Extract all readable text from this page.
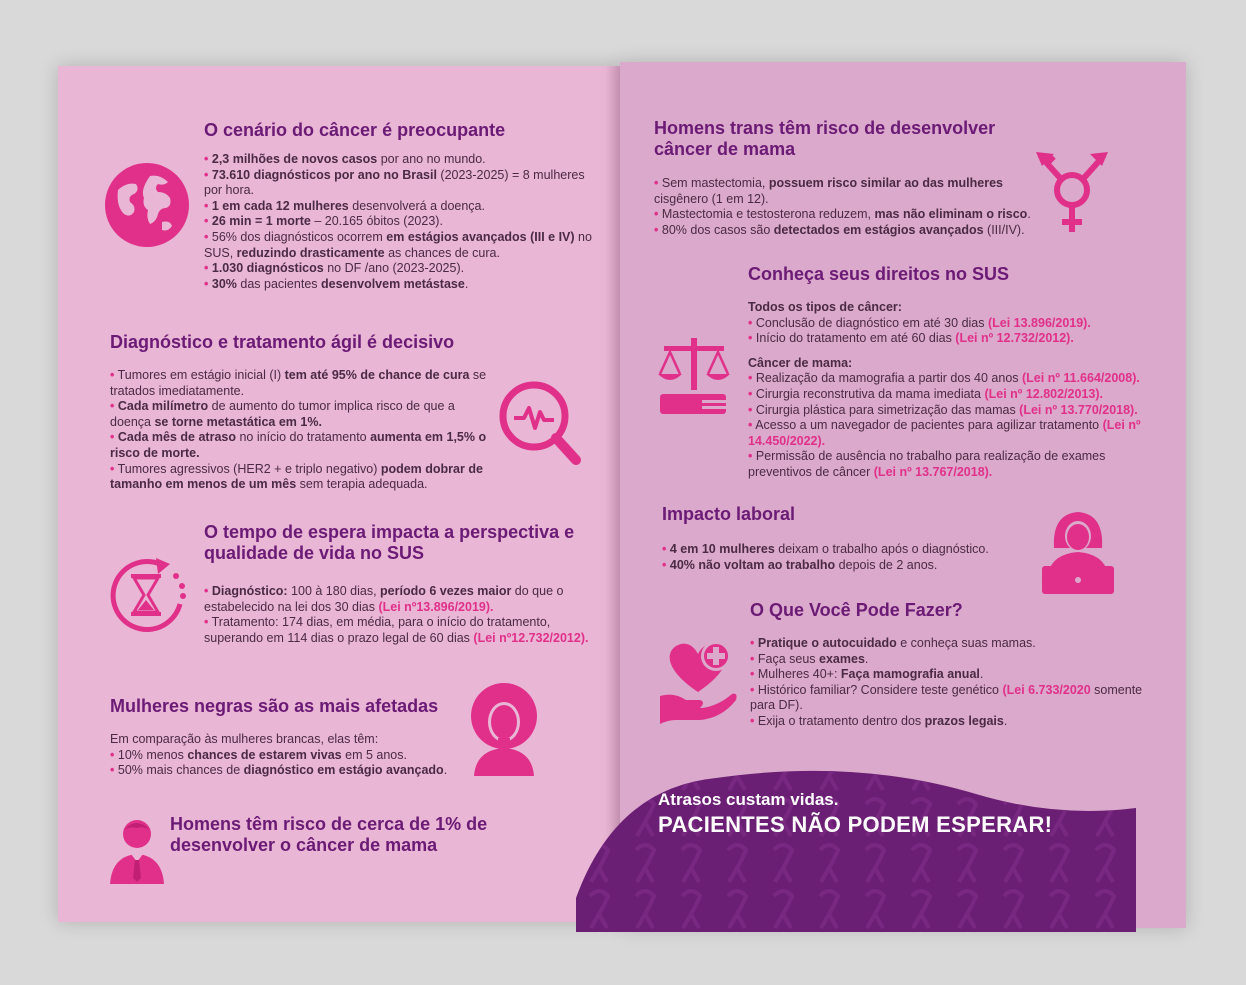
O cenário do câncer é preocupante

• 2,3 milhões de novos casos por ano no mundo.

• 73.610 diagnósticos por ano no Brasil (2023-2025) = 8 mulheres por hora.

• 1 em cada 12 mulheres desenvolverá a doença.

• 26 min = 1 morte – 20.165 óbitos (2023).

• 56% dos diagnósticos ocorrem em estágios avançados (III e IV) no SUS, reduzindo drasticamente as chances de cura.

• 1.030 diagnósticos no DF /ano (2023-2025).

• 30% das pacientes desenvolvem metástase.

Diagnóstico e tratamento ágil é decisivo

• Tumores em estágio inicial (I) tem até 95% de chance de cura se tratados imediatamente.

• Cada milímetro de aumento do tumor implica risco de que a doença se torne metastática em 1%.

• Cada mês de atraso no início do tratamento aumenta em 1,5% o risco de morte.

• Tumores agressivos (HER2 + e triplo negativo) podem dobrar de tamanho em menos de um mês sem terapia adequada.

O tempo de espera impacta a perspectiva e qualidade de vida no SUS

• Diagnóstico: 100 à 180 dias, período 6 vezes maior do que o estabelecido na lei dos 30 dias (Lei nº13.896/2019).

• Tratamento: 174 dias, em média, para o início do tratamento, superando em 114 dias o prazo legal de 60 dias (Lei nº12.732/2012).

Mulheres negras são as mais afetadas

Em comparação às mulheres brancas, elas têm:

• 10% menos chances de estarem vivas em 5 anos.

• 50% mais chances de diagnóstico em estágio avançado.

Homens têm risco de cerca de 1% de desenvolver o câncer de mama
Homens trans têm risco de desenvolver câncer de mama

• Sem mastectomia, possuem risco similar ao das mulheres cisgênero (1 em 12).

• Mastectomia e testosterona reduzem, mas não eliminam o risco.

• 80% dos casos são detectados em estágios avançados (III/IV).

Conheça seus direitos no SUS

Todos os tipos de câncer:

• Conclusão de diagnóstico em até 30 dias (Lei 13.896/2019).

• Início do tratamento em até 60 dias (Lei nº 12.732/2012).

Câncer de mama:

• Realização da mamografia a partir dos 40 anos (Lei nº 11.664/2008).

• Cirurgia reconstrutiva da mama imediata (Lei nº 12.802/2013).

• Cirurgia plástica para simetrização das mamas (Lei nº 13.770/2018).

• Acesso a um navegador de pacientes para agilizar tratamento (Lei nº 14.450/2022).

• Permissão de ausência no trabalho para realização de exames preventivos de câncer (Lei nº 13.767/2018).

Impacto laboral

• 4 em 10 mulheres deixam o trabalho após o diagnóstico.

• 40% não voltam ao trabalho depois de 2 anos.

O Que Você Pode Fazer?

• Pratique o autocuidado e conheça suas mamas.

• Faça seus exames.

• Mulheres 40+: Faça mamografia anual.

• Histórico familiar? Considere teste genético (Lei 6.733/2020 somente para DF).

• Exija o tratamento dentro dos prazos legais.

Atrasos custam vidas.
PACIENTES NÃO PODEM ESPERAR!
